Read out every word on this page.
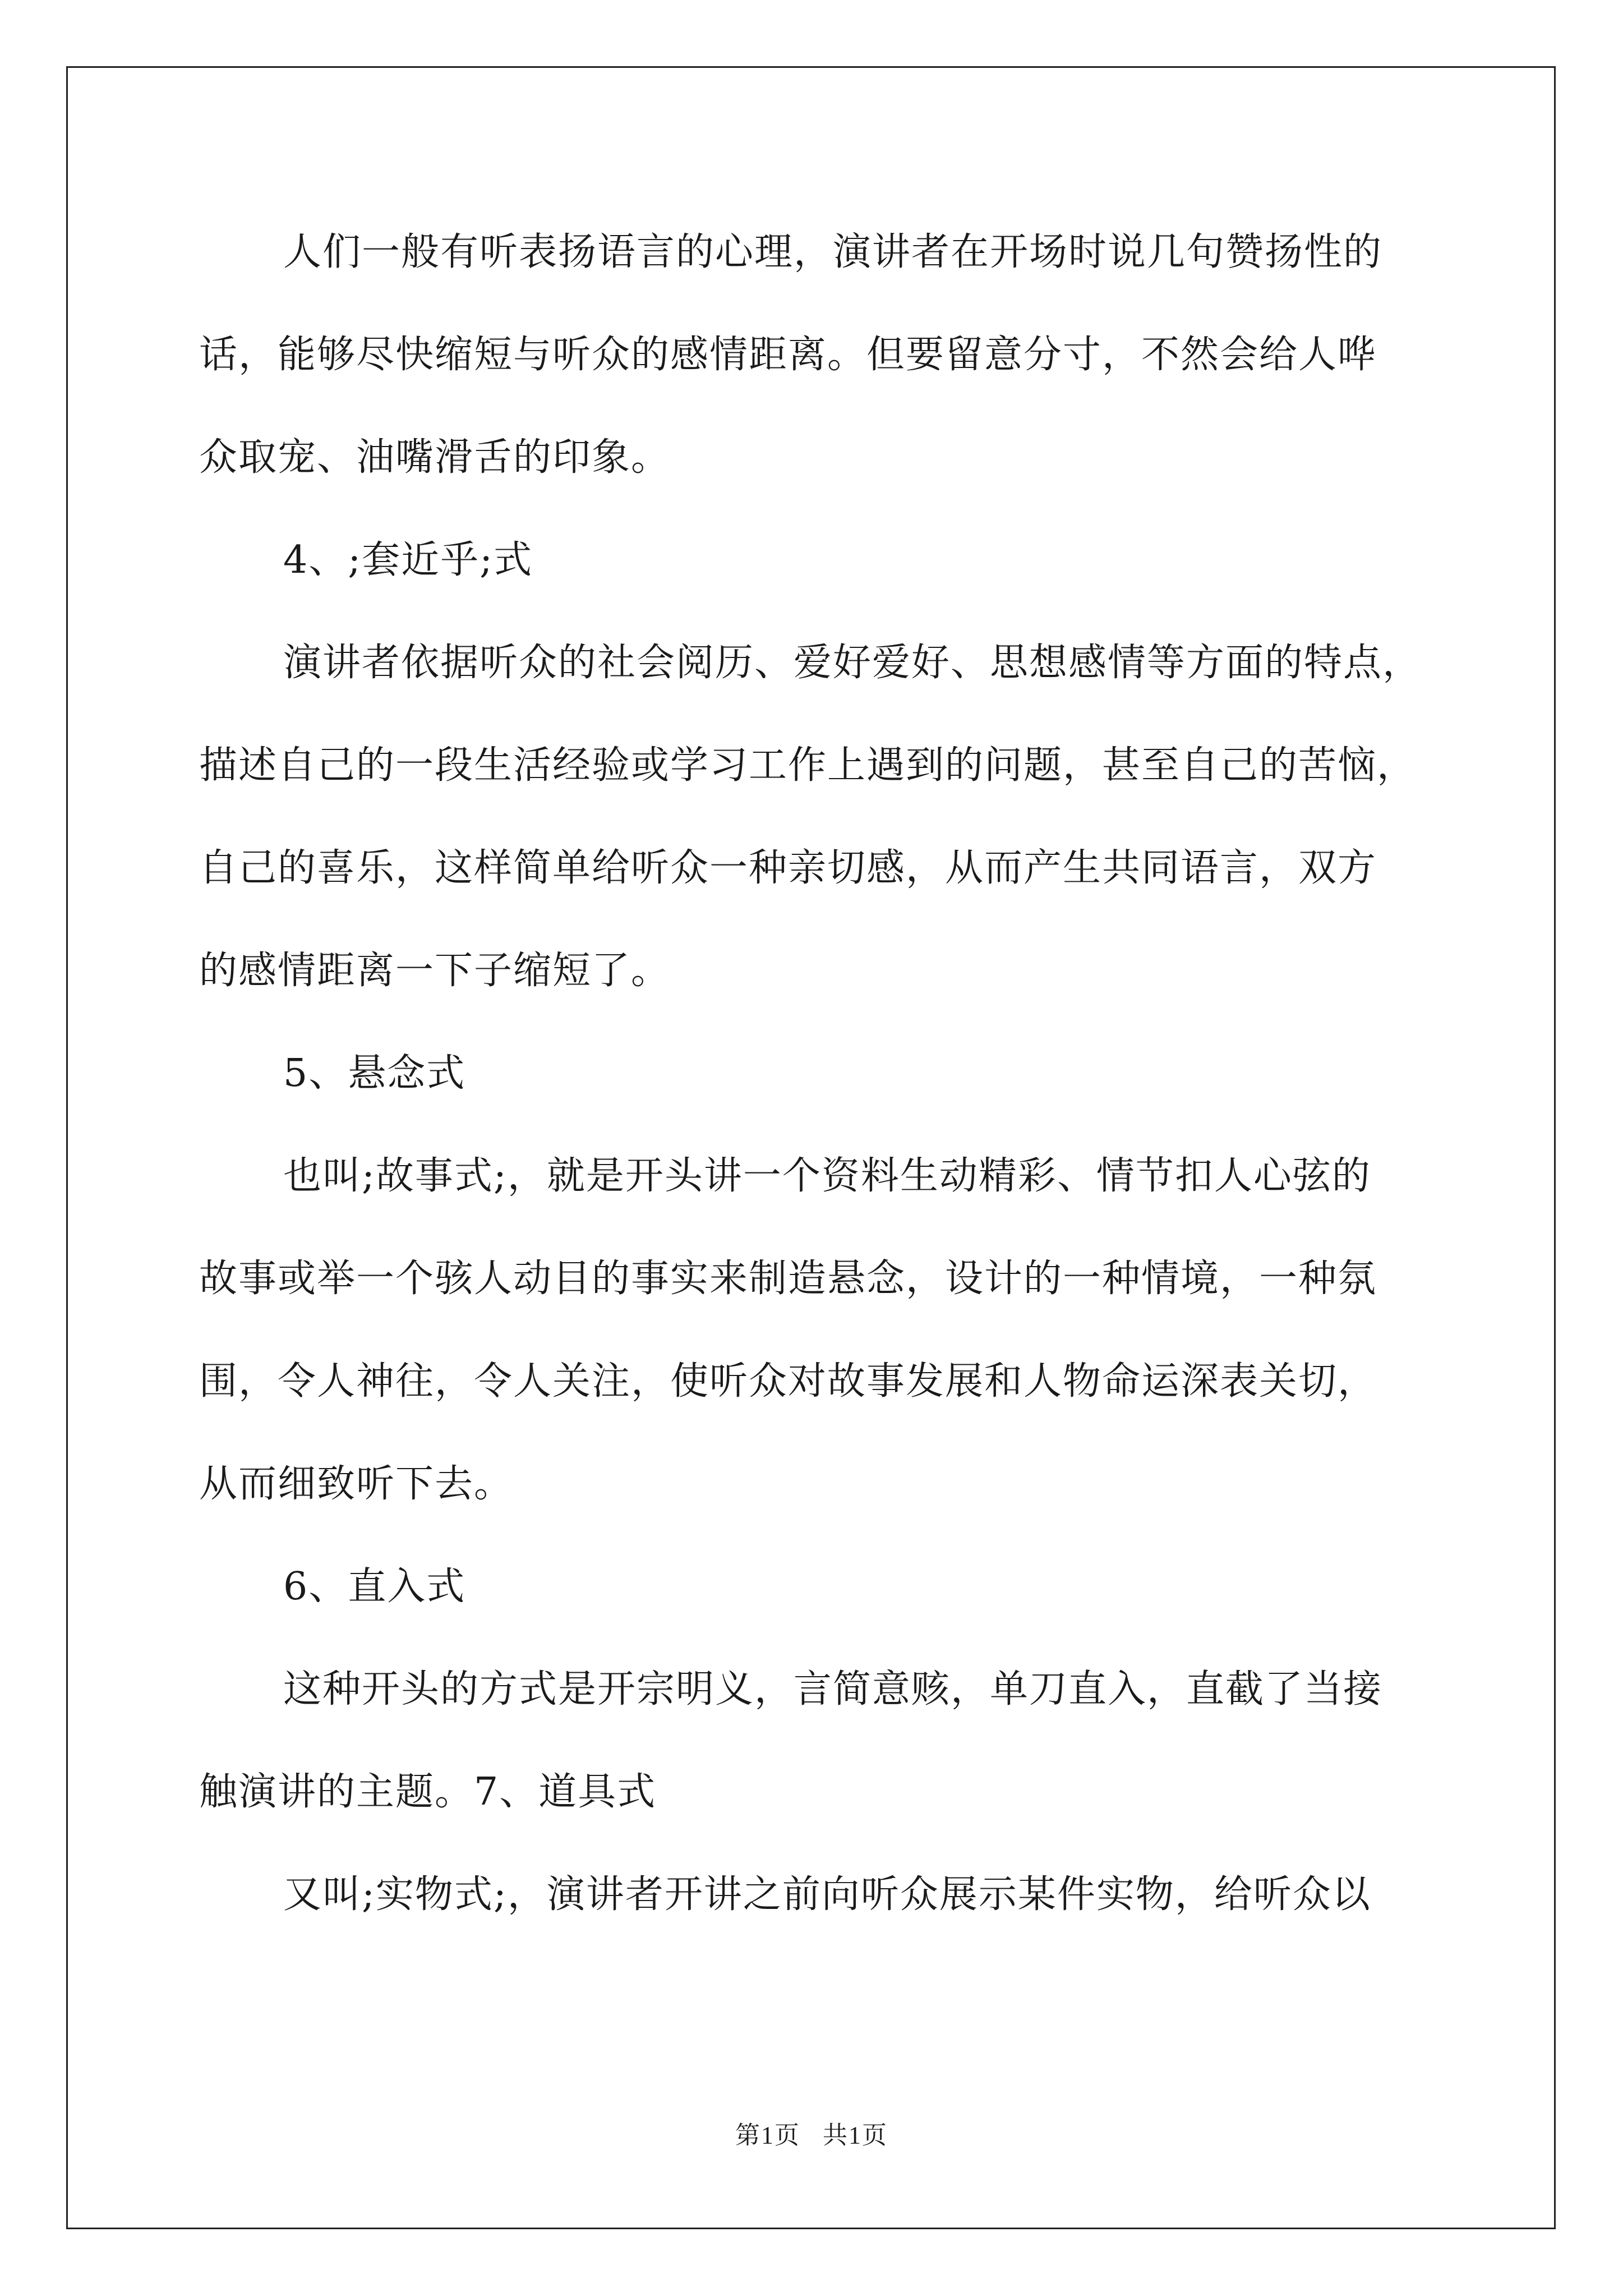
人们一般有听表扬语言的心理，演讲者在开场时说几句赞扬性的
话，能够尽快缩短与听众的感情距离。但要留意分寸，不然会给人哗
众取宠、油嘴滑舌的印象。
4、;套近乎;式
演讲者依据听众的社会阅历、爱好爱好、思想感情等方面的特点，
描述自己的一段生活经验或学习工作上遇到的问题，甚至自己的苦恼，
自己的喜乐，这样简单给听众一种亲切感，从而产生共同语言，双方
的感情距离一下子缩短了。
5、悬念式
也叫;故事式;，就是开头讲一个资料生动精彩、情节扣人心弦的
故事或举一个骇人动目的事实来制造悬念，设计的一种情境，一种氛
围，令人神往，令人关注，使听众对故事发展和人物命运深表关切，
从而细致听下去。
6、直入式
这种开头的方式是开宗明义，言简意赅，单刀直入，直截了当接
触演讲的主题。7、道具式
又叫;实物式;，演讲者开讲之前向听众展示某件实物，给听众以
第1页 共1页
